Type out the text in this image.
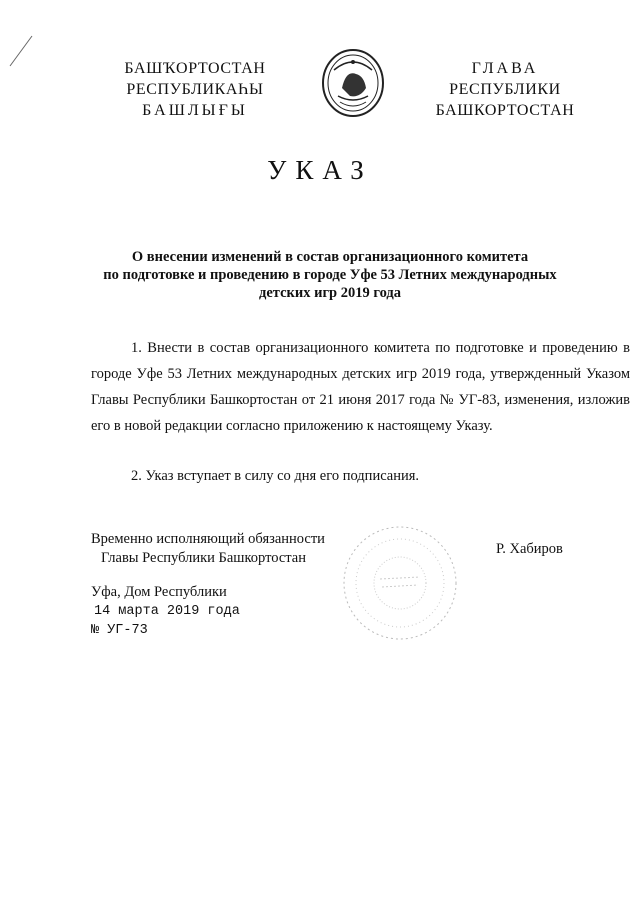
БАШҠОРТОСТАН
РЕСПУБЛИКАҺЫ
БАШЛЫҒЫ
ГЛАВА
РЕСПУБЛИКИ
БАШКОРТОСТАН
УКАЗ
О внесении изменений в состав организационного комитета
по подготовке и проведению в городе Уфе 53 Летних международных
детских игр 2019 года
1. Внести в состав организационного комитета по подготовке и проведению в городе Уфе 53 Летних международных детских игр 2019 года, утвержденный Указом Главы Республики Башкортостан от 21 июня 2017 года № УГ-83, изменения, изложив его в новой редакции согласно приложению к настоящему Указу.
2. Указ вступает в силу со дня его подписания.
Временно исполняющий обязанности
Главы Республики Башкортостан
Р. Хабиров
Уфа, Дом Республики
14 марта 2019 года
№ УГ-73
